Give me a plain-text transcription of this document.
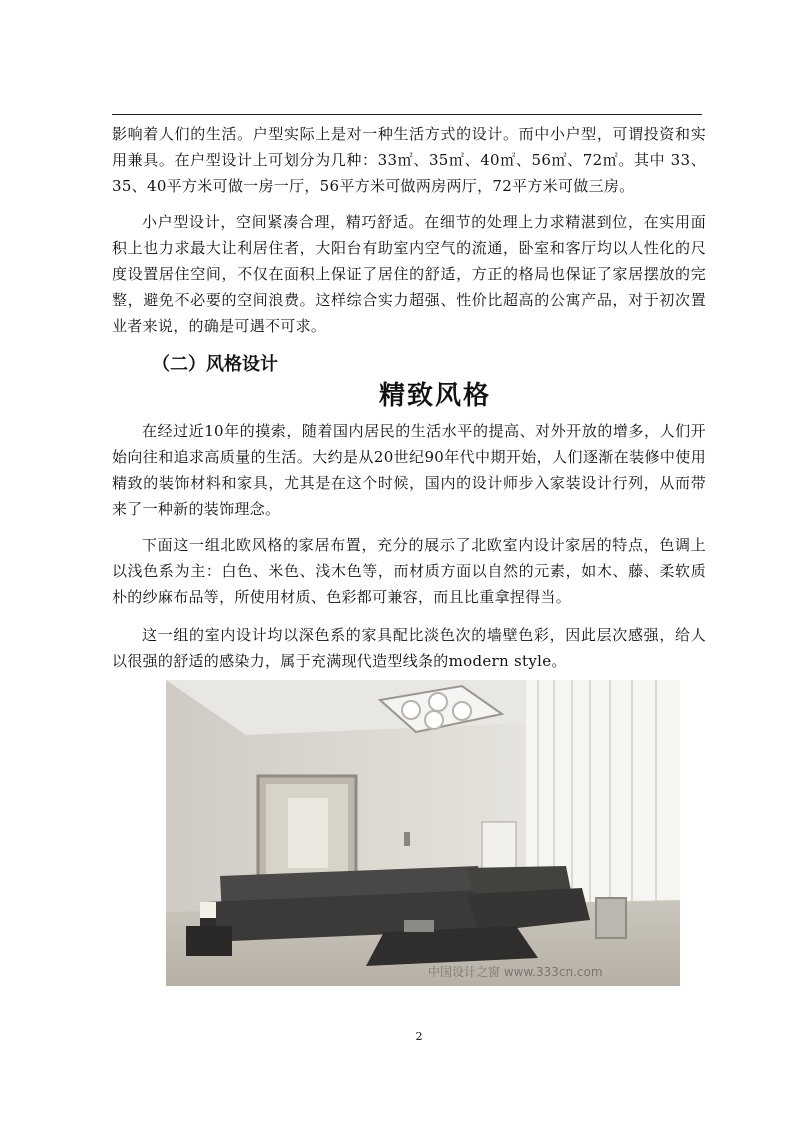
影响着人们的生活。户型实际上是对一种生活方式的设计。而中小户型，可谓投资和实用兼具。在户型设计上可划分为几种：33㎡、35㎡、40㎡、56㎡、72㎡。其中 33、35、40平方米可做一房一厅，56平方米可做两房两厅，72平方米可做三房。

小户型设计，空间紧凑合理，精巧舒适。在细节的处理上力求精湛到位，在实用面积上也力求最大让利居住者，大阳台有助室内空气的流通，卧室和客厅均以人性化的尺度设置居住空间，不仅在面积上保证了居住的舒适，方正的格局也保证了家居摆放的完整，避免不必要的空间浪费。这样综合实力超强、性价比超高的公寓产品，对于初次置业者来说，的确是可遇不可求。

（二）风格设计
精致风格

在经过近10年的摸索，随着国内居民的生活水平的提高、对外开放的增多，人们开始向往和追求高质量的生活。大约是从20世纪90年代中期开始，人们逐渐在装修中使用精致的装饰材料和家具，尤其是在这个时候，国内的设计师步入家装设计行列，从而带来了一种新的装饰理念。

下面这一组北欧风格的家居布置，充分的展示了北欧室内设计家居的特点，色调上以浅色系为主：白色、米色、浅木色等，而材质方面以自然的元素，如木、藤、柔软质朴的纱麻布品等，所使用材质、色彩都可兼容，而且比重拿捏得当。

这一组的室内设计均以深色系的家具配比淡色次的墙壁色彩，因此层次感强，给人以很强的舒适的感染力，属于充满现代造型线条的modern style。

中国设计之窗 www.333cn.com
2
